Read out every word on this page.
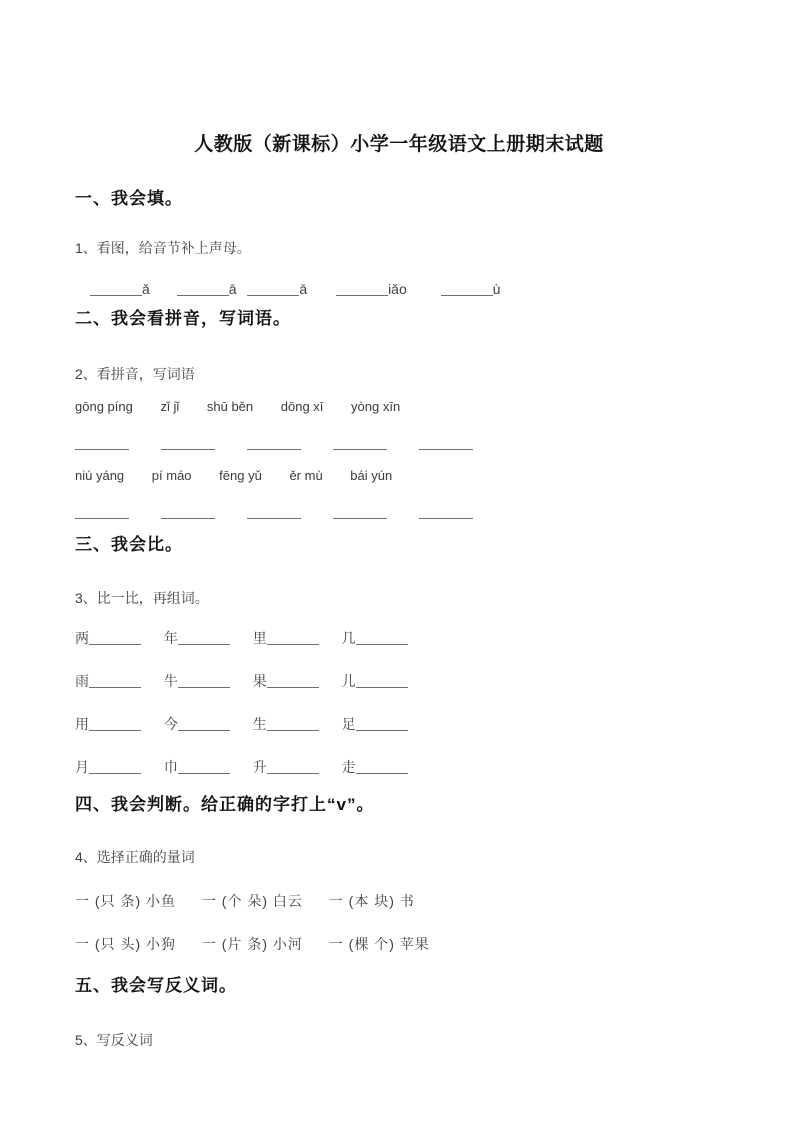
人教版（新课标）小学一年级语文上册期末试题
一、我会填。
1、看图，给音节补上声母。
ǎ	ā	ā	iǎo	ù
二、我会看拼音，写词语。
2、看拼音，写词语
gōng píng zǐ jǐ shū běn dōng xī yòng xīn
niú yáng pí máo fēng yǔ ěr mù bái yún
三、我会比。
3、比一比，再组词。
两	年	里	几
雨	牛	果	儿
用	今	生	足
月	巾	升	走
四、我会判断。给正确的字打上“v”。
4、选择正确的量词
一 (只 条) 小鱼 一 (个 朵) 白云 一 (本 块) 书
一 (只 头) 小狗 一 (片 条) 小河 一 (棵 个) 苹果
五、我会写反义词。
5、写反义词
